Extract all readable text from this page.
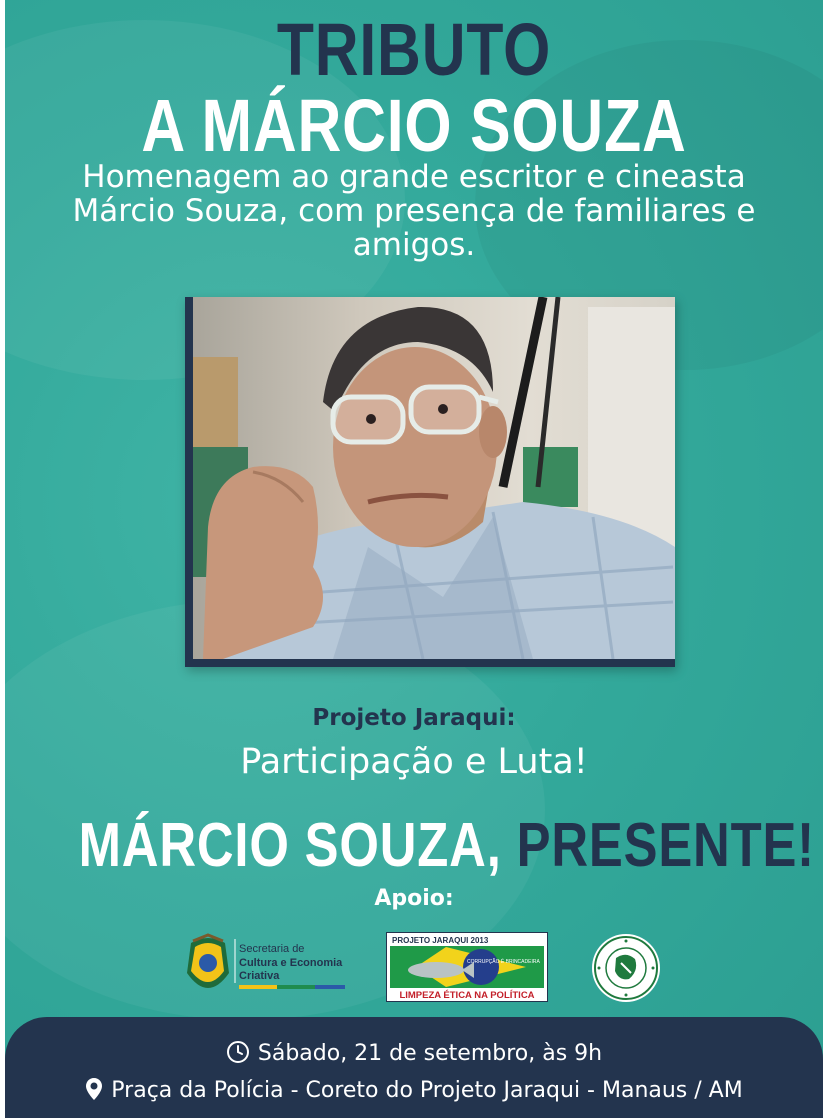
TRIBUTO
A MÁRCIO SOUZA
Homenagem ao grande escritor e cineasta Márcio Souza, com presença de familiares e amigos.
Projeto Jaraqui:
Participação e Luta!
MÁRCIO SOUZA, PRESENTE!
Apoio:
Secretaria de
Cultura e Economia
Criativa
PROJETO JARAQUI 2013
CORRUPÇÃO É BRINCADEIRA
LIMPEZA ÉTICA NA POLÍTICA
Sábado, 21 de setembro, às 9h
Praça da Polícia - Coreto do Projeto Jaraqui - Manaus / AM
